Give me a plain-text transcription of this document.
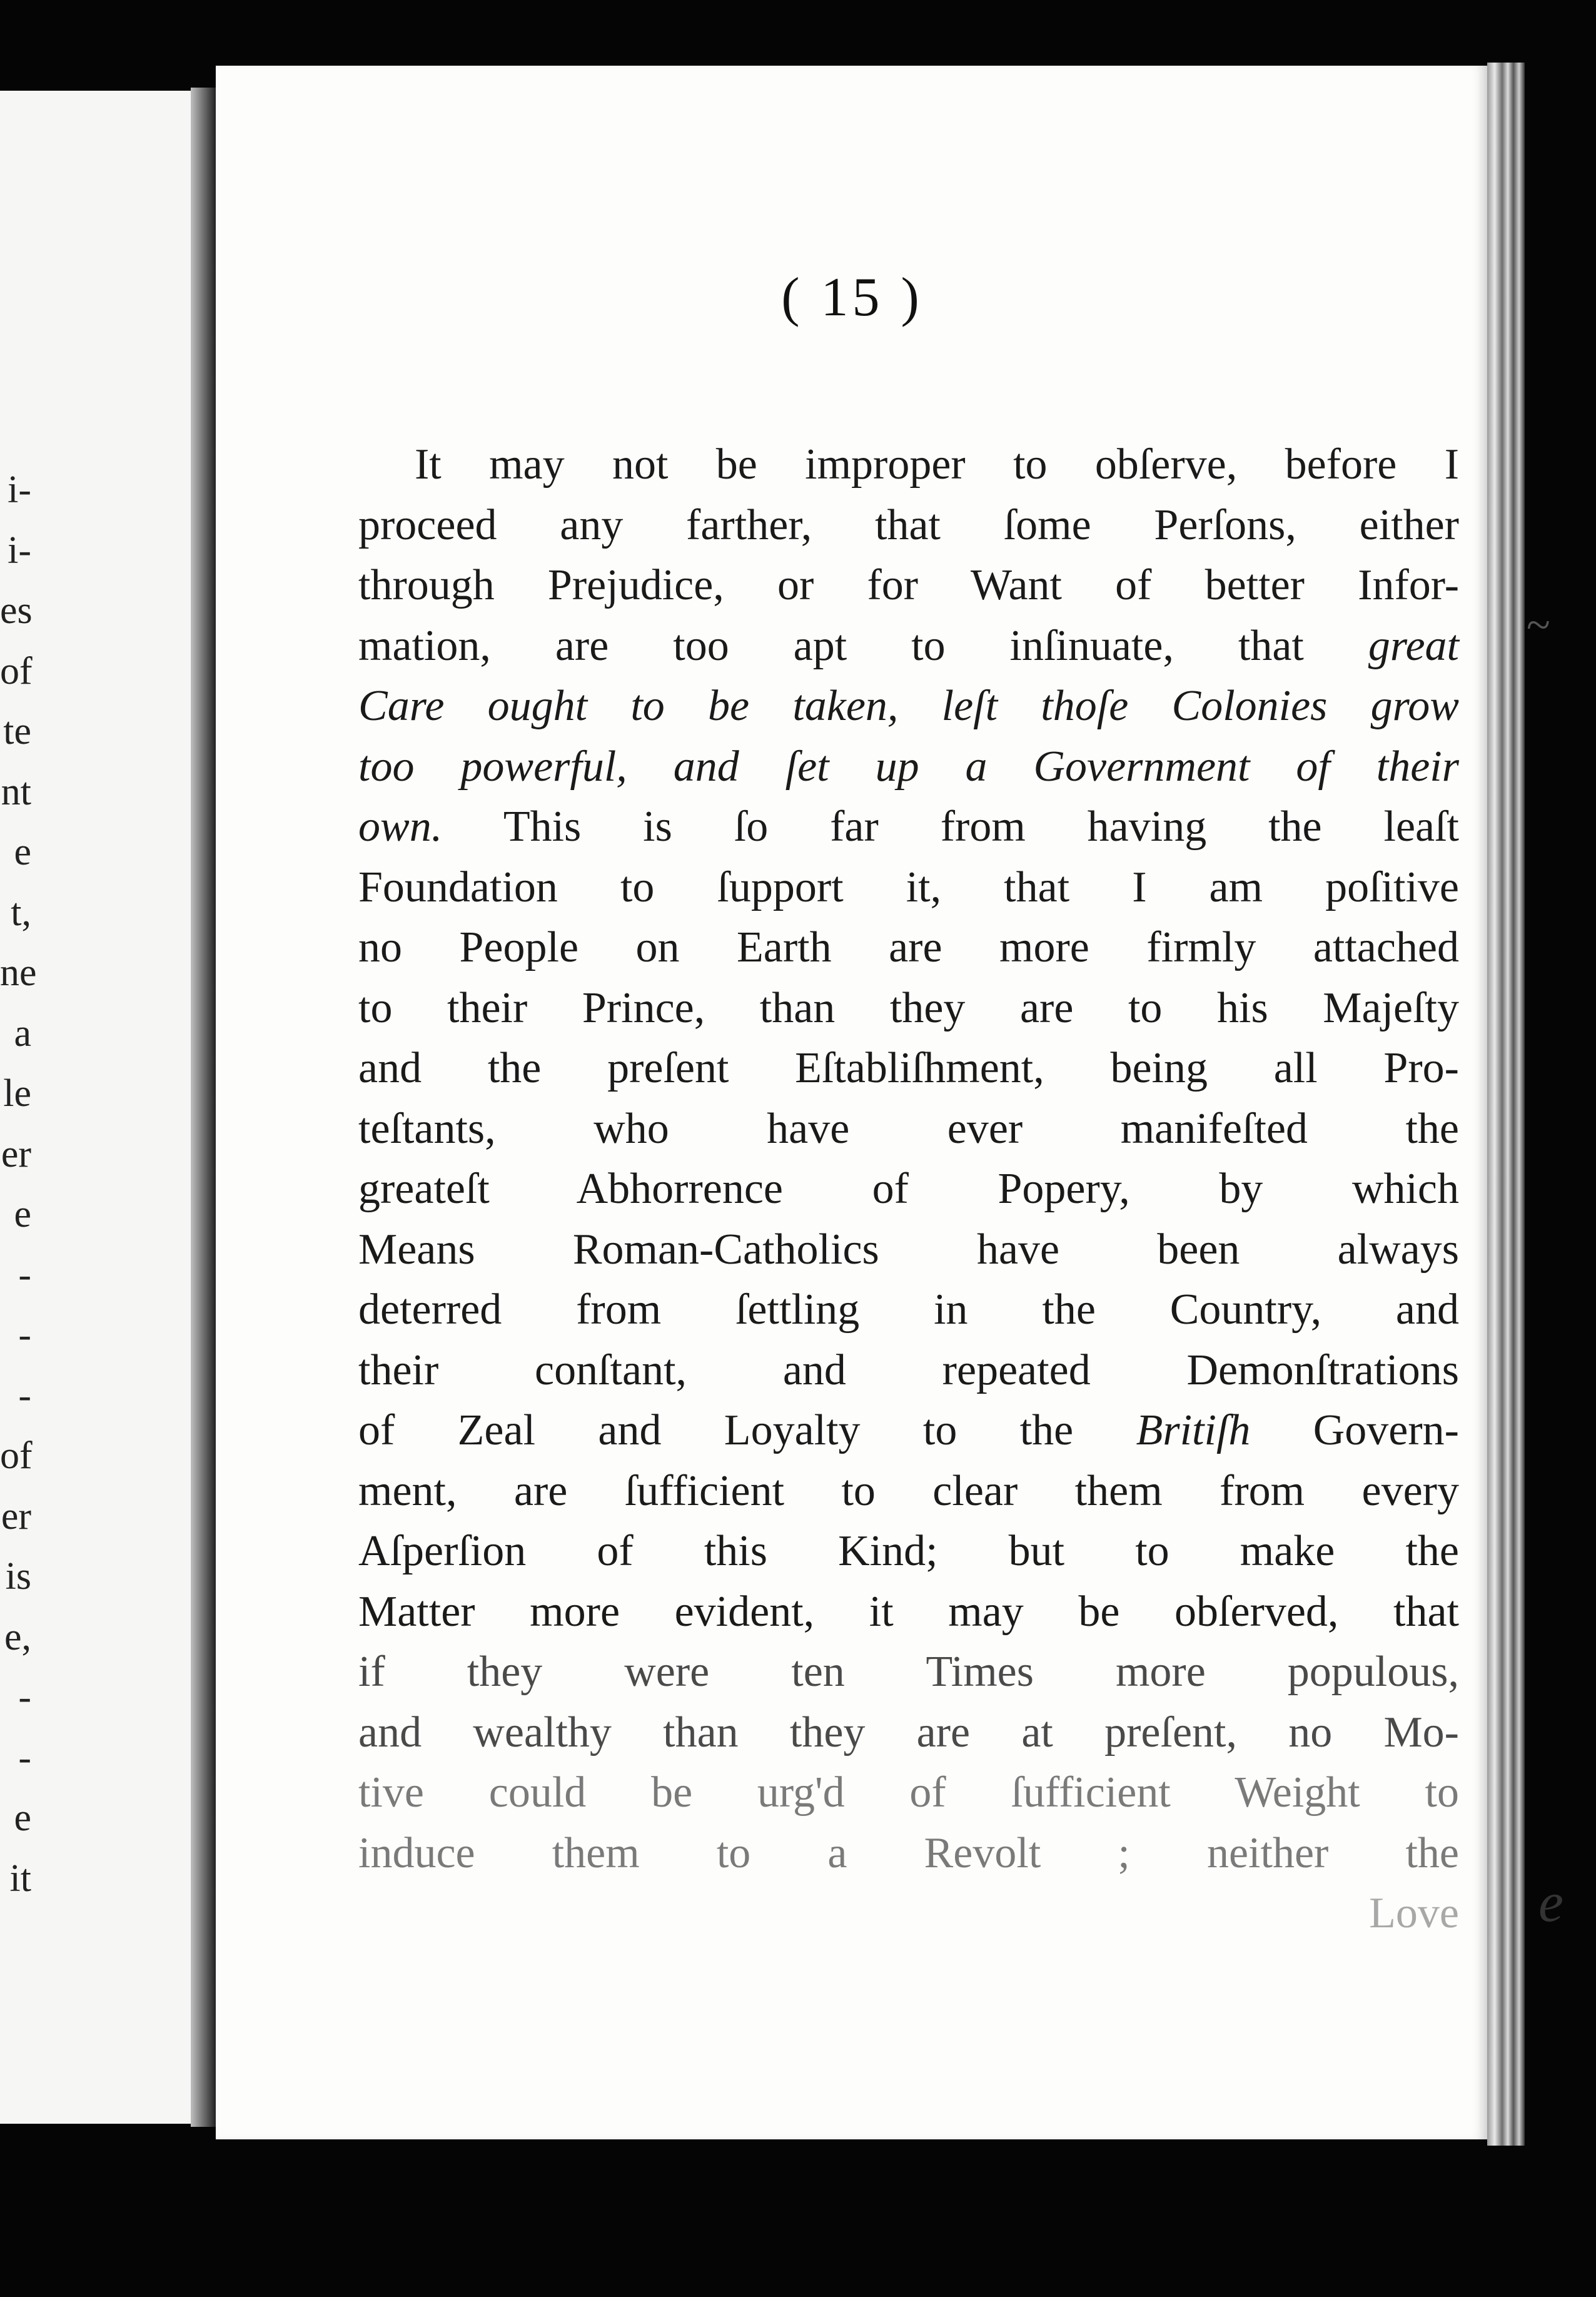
i-
i-
es
of
te
nt
e
t,
ne
a
le
er
e
-
-
-
of
er
is
e,
-
-
e
it
( 15 )
It may not be improper to obſerve, before I
proceed any farther, that ſome Perſons, either
through Prejudice, or for Want of better Infor-
mation, are too apt to inſinuate, that great
Care ought to be taken, leſt thoſe Colonies grow
too powerful, and ſet up a Government of their
own. This is ſo far from having the leaſt
Foundation to ſupport it, that I am poſitive
no People on Earth are more firmly attached
to their Prince, than they are to his Majeſty
and the preſent Eſtabliſhment, being all Pro-
teſtants, who have ever manifeſted the
greateſt Abhorrence of Popery, by which
Means Roman-Catholics have been always
deterred from ſettling in the Country, and
their conſtant, and repeated Demonſtrations
of Zeal and Loyalty to the Britiſh Govern-
ment, are ſufficient to clear them from every
Aſperſion of this Kind; but to make the
Matter more evident, it may be obſerved, that
if they were ten Times more populous,
and wealthy than they are at preſent, no Mo-
tive could be urg'd of ſufficient Weight to
induce them to a Revolt ; neither the
Love
~
e
